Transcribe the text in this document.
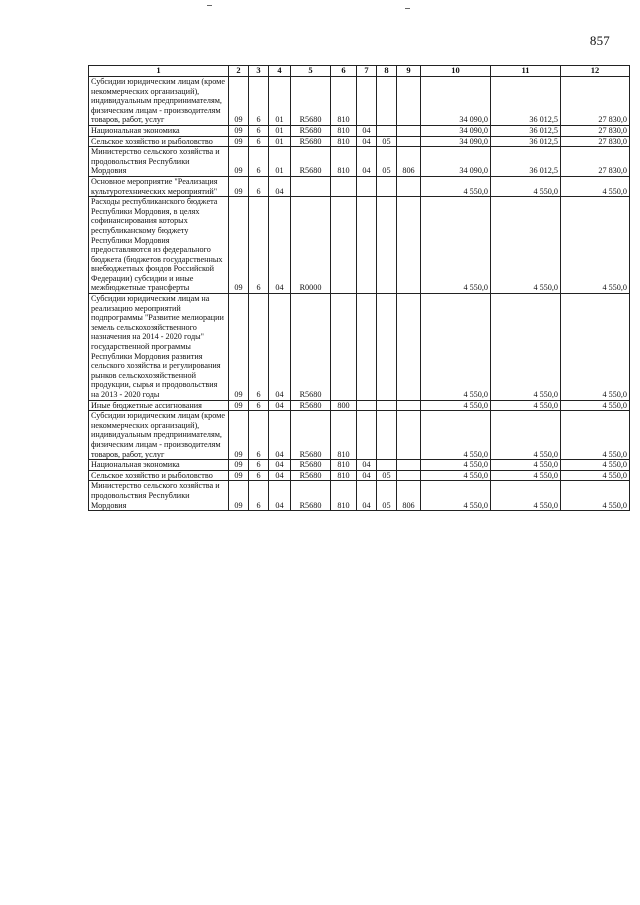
857
1	2	3	4	5	6	7	8	9	10	11	12
Субсидии юридическим лицам (кроме некоммерческих организаций), индивидуальным предпринимателям, физическим лицам - производителям товаров, работ, услуг	09	6	01	R5680	810				34 090,0	36 012,5	27 830,0
Национальная экономика	09	6	01	R5680	810	04			34 090,0	36 012,5	27 830,0
Сельское хозяйство и рыболовство	09	6	01	R5680	810	04	05		34 090,0	36 012,5	27 830,0
Министерство сельского хозяйства и продовольствия Республики Мордовия	09	6	01	R5680	810	04	05	806	34 090,0	36 012,5	27 830,0
Основное мероприятие "Реализация культуротехнических мероприятий"	09	6	04						4 550,0	4 550,0	4 550,0
Расходы республиканского бюджета Республики Мордовия, в целях софинансирования которых республиканскому бюджету Республики Мордовия предоставляются из федерального бюджета (бюджетов государственных внебюджетных фондов Российской Федерации) субсидии и иные межбюджетные трансферты	09	6	04	R0000					4 550,0	4 550,0	4 550,0
Субсидии юридическим лицам на реализацию мероприятий подпрограммы "Развитие мелиорации земель сельскохозяйственного назначения на 2014 - 2020 годы" государственной программы Республики Мордовия развития сельского хозяйства и регулирования рынков сельскохозяйственной продукции, сырья и продовольствия на 2013 - 2020 годы	09	6	04	R5680					4 550,0	4 550,0	4 550,0
Иные бюджетные ассигнования	09	6	04	R5680	800				4 550,0	4 550,0	4 550,0
Субсидии юридическим лицам (кроме некоммерческих организаций), индивидуальным предпринимателям, физическим лицам - производителям товаров, работ, услуг	09	6	04	R5680	810				4 550,0	4 550,0	4 550,0
Национальная экономика	09	6	04	R5680	810	04			4 550,0	4 550,0	4 550,0
Сельское хозяйство и рыболовство	09	6	04	R5680	810	04	05		4 550,0	4 550,0	4 550,0
Министерство сельского хозяйства и продовольствия Республики Мордовия	09	6	04	R5680	810	04	05	806	4 550,0	4 550,0	4 550,0
